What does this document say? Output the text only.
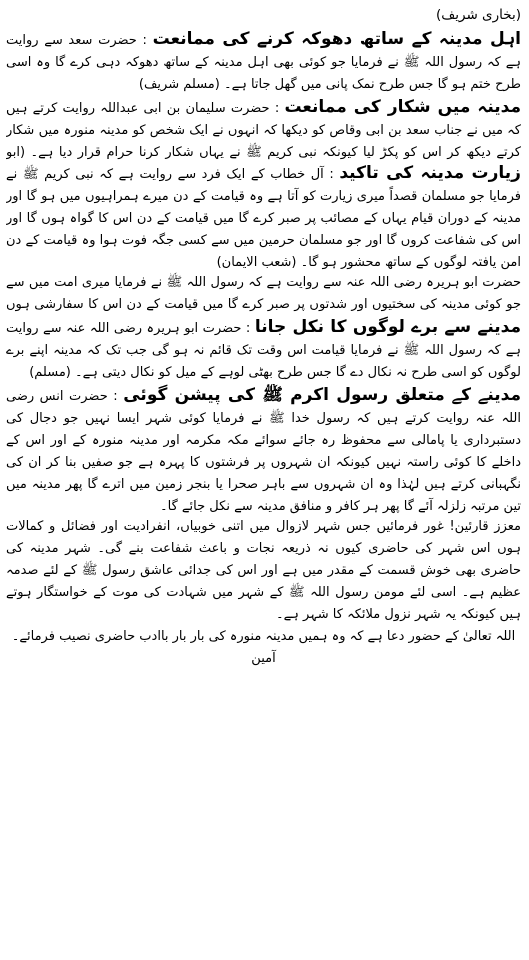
(بخاری شریف)

اہل مدینہ کے ساتھ دھوکہ کرنے کی ممانعت : حضرت سعد سے روایت ہے کہ رسول اللہ ﷺ نے فرمایا جو کوئی بھی اہل مدینہ کے ساتھ دھوکہ دہی کرے گا وہ اسی طرح ختم ہو گا جس طرح نمک پانی میں گھل جاتا ہے۔ (مسلم شریف)

مدینہ میں شکار کی ممانعت : حضرت سلیمان بن ابی عبداللہ روایت کرتے ہیں کہ میں نے جناب سعد بن ابی وقاص کو دیکھا کہ انہوں نے ایک شخص کو مدینہ منورہ میں شکار کرتے دیکھ کر اس کو پکڑ لیا کیونکہ نبی کریم ﷺ نے یہاں شکار کرنا حرام قرار دیا ہے۔ (ابو

زیارت مدینہ کی تاکید : آل خطاب کے ایک فرد سے روایت ہے کہ نبی کریم ﷺ نے فرمایا جو مسلمان قصداً میری زیارت کو آتا ہے وہ قیامت کے دن میرے ہمراہیوں میں ہو گا اور مدینہ کے دوران قیام یہاں کے مصائب پر صبر کرے گا میں قیامت کے دن اس کا گواہ ہوں گا اور اس کی شفاعت کروں گا اور جو مسلمان حرمین میں سے کسی جگہ فوت ہوا وہ قیامت کے دن امن یافتہ لوگوں کے ساتھ محشور ہو گا۔ (شعب الایمان)

حضرت ابو ہریرہ رضی اللہ عنہ سے روایت ہے کہ رسول اللہ ﷺ نے فرمایا میری امت میں سے جو کوئی مدینہ کی سختیوں اور شدتوں پر صبر کرے گا میں قیامت کے دن اس کا سفارشی ہوں

مدینے سے برے لوگوں کا نکل جانا : حضرت ابو ہریرہ رضی اللہ عنہ سے روایت ہے کہ رسول اللہ ﷺ نے فرمایا قیامت اس وقت تک قائم نہ ہو گی جب تک کہ مدینہ اپنے برے لوگوں کو اسی طرح نہ نکال دے گا جس طرح بھٹی لوہے کے میل کو نکال دیتی ہے۔ (مسلم)

مدینے کے متعلق رسول اکرم ﷺ کی پیشن گوئی : حضرت انس رضی اللہ عنہ روایت کرتے ہیں کہ رسول خدا ﷺ نے فرمایا کوئی شہر ایسا نہیں جو دجال کی دستبرداری یا پامالی سے محفوظ رہ جائے سوائے مکہ مکرمہ اور مدینہ منورہ کے اور اس کے داخلے کا کوئی راستہ نہیں کیونکہ ان شہروں پر فرشتوں کا پہرہ ہے جو صفیں بنا کر ان کی نگہبانی کرتے ہیں لہٰذا وہ ان شہروں سے باہر صحرا یا بنجر زمین میں اترے گا پھر مدینہ میں تین مرتبہ زلزلہ آئے گا پھر ہر کافر و منافق مدینہ سے نکل جائے گا۔

معزز قارئین! غور فرمائیں جس شہر لازوال میں اتنی خوبیاں، انفرادیت اور فضائل و کمالات ہوں اس شہر کی حاضری کیوں نہ ذریعہ نجات و باعث شفاعت بنے گی۔ شہر مدینہ کی حاضری بھی خوش قسمت کے مقدر میں ہے اور اس کی جدائی عاشق رسول ﷺ کے لئے صدمہ عظیم ہے۔ اسی لئے مومن رسول اللہ ﷺ کے شہر میں شہادت کی موت کے خواستگار ہوتے ہیں کیونکہ یہ شہر نزول ملائکہ کا شہر ہے۔

اللہ تعالیٰ کے حضور دعا ہے کہ وہ ہمیں مدینہ منورہ کی بار بار باادب حاضری نصیب فرمائے۔ آمین
